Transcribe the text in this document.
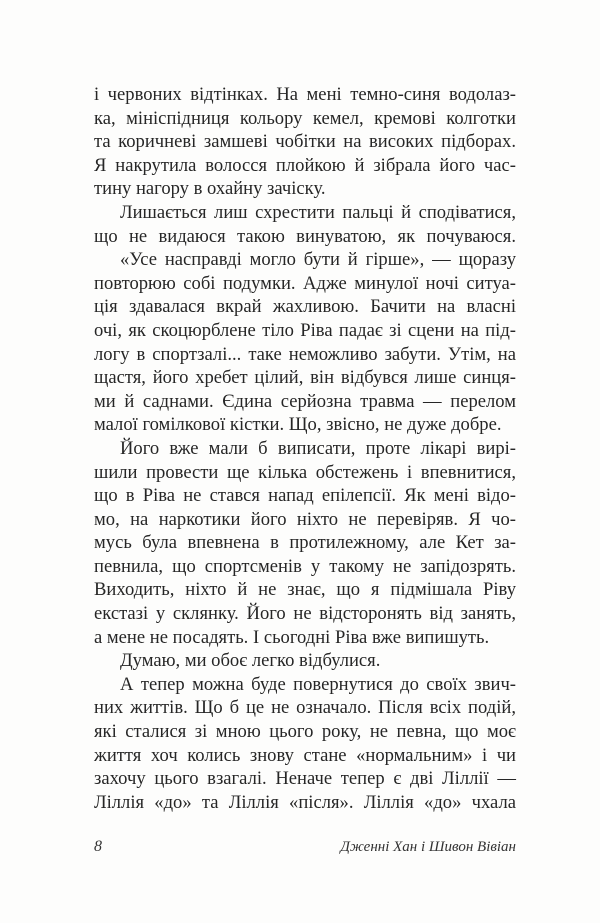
і червоних відтінках. На мені темно-синя водолаз-
ка, мініспідниця кольору кемел, кремові колготки
та коричневі замшеві чобітки на високих підборах.
Я накрутила волосся плойкою й зібрала його час-
тину нагору в охайну зачіску.
Лишається лиш схрестити пальці й сподіватися,
що не видаюся такою винуватою, як почуваюся.
«Усе насправді могло бути й гірше», — щоразу
повторюю собі подумки. Адже минулої ночі ситуа-
ція здавалася вкрай жахливою. Бачити на власні
очі, як скоцюрблене тіло Ріва падає зі сцени на під-
логу в спортзалі... таке неможливо забути. Утім, на
щастя, його хребет цілий, він відбувся лише синця-
ми й саднами. Єдина серйозна травма — перелом
малої гомілкової кістки. Що, звісно, не дуже добре.
Його вже мали б виписати, проте лікарі вирі-
шили провести ще кілька обстежень і впевнитися,
що в Ріва не стався напад епілепсії. Як мені відо-
мо, на наркотики його ніхто не перевіряв. Я чо-
мусь була впевнена в протилежному, але Кет за-
певнила, що спортсменів у такому не запідозрять.
Виходить, ніхто й не знає, що я підмішала Ріву
екстазі у склянку. Його не відсторонять від занять,
а мене не посадять. І сьогодні Ріва вже випишуть.
Думаю, ми обоє легко відбулися.
А тепер можна буде повернутися до своїх звич-
них життів. Що б це не означало. Після всіх подій,
які сталися зі мною цього року, не певна, що моє
життя хоч колись знову стане «нормальним» і чи
захочу цього взагалі. Неначе тепер є дві Ліллії —
Ліллія «до» та Ліллія «після». Ліллія «до» чхала
8	Дженні Хан і Шивон Вівіан
